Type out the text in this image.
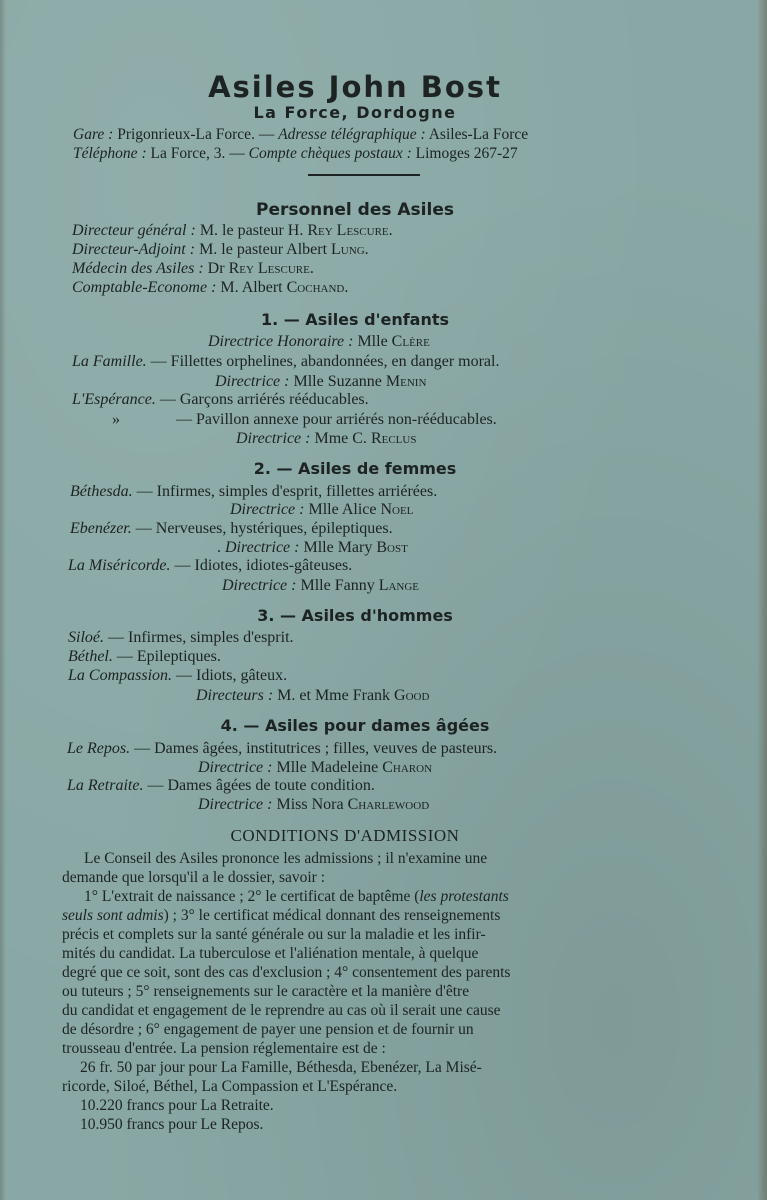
Asiles John Bost
La Force, Dordogne
Gare : Prigonrieux-La Force. — Adresse télégraphique : Asiles-La Force
Téléphone : La Force, 3. — Compte chèques postaux : Limoges 267-27
Personnel des Asiles
Directeur général : M. le pasteur H. Rey Lescure.
Directeur-Adjoint : M. le pasteur Albert Lung.
Médecin des Asiles : Dr Rey Lescure.
Comptable-Econome : M. Albert Cochand.
1. — Asiles d'enfants
Directrice Honoraire : Mlle Clère
La Famille. — Fillettes orphelines, abandonnées, en danger moral.
Directrice : Mlle Suzanne Menin
L'Espérance. — Garçons arriérés rééducables.
»	— Pavillon annexe pour arriérés non-rééducables.
Directrice : Mme C. Reclus
2. — Asiles de femmes
Béthesda. — Infirmes, simples d'esprit, fillettes arriérées.
Directrice : Mlle Alice Noel
Ebenézer. — Nerveuses, hystériques, épileptiques.
. Directrice : Mlle Mary Bost
La Miséricorde. — Idiotes, idiotes-gâteuses.
Directrice : Mlle Fanny Lange
3. — Asiles d'hommes
Siloé. — Infirmes, simples d'esprit.
Béthel. — Epileptiques.
La Compassion. — Idiots, gâteux.
Directeurs : M. et Mme Frank Good
4. — Asiles pour dames âgées
Le Repos. — Dames âgées, institutrices ; filles, veuves de pasteurs.
Directrice : Mlle Madeleine Charon
La Retraite. — Dames âgées de toute condition.
Directrice : Miss Nora Charlewood
CONDITIONS D'ADMISSION
Le Conseil des Asiles prononce les admissions ; il n'examine une
demande que lorsqu'il a le dossier, savoir :
1° L'extrait de naissance ; 2° le certificat de baptême (les protestants
seuls sont admis) ; 3° le certificat médical donnant des renseignements
précis et complets sur la santé générale ou sur la maladie et les infir-
mités du candidat. La tuberculose et l'aliénation mentale, à quelque
degré que ce soit, sont des cas d'exclusion ; 4° consentement des parents
ou tuteurs ; 5° renseignements sur le caractère et la manière d'être
du candidat et engagement de le reprendre au cas où il serait une cause
de désordre ; 6° engagement de payer une pension et de fournir un
trousseau d'entrée. La pension réglementaire est de :
26 fr. 50 par jour pour La Famille, Béthesda, Ebenézer, La Misé-
ricorde, Siloé, Béthel, La Compassion et L'Espérance.
10.220 francs pour La Retraite.
10.950 francs pour Le Repos.
